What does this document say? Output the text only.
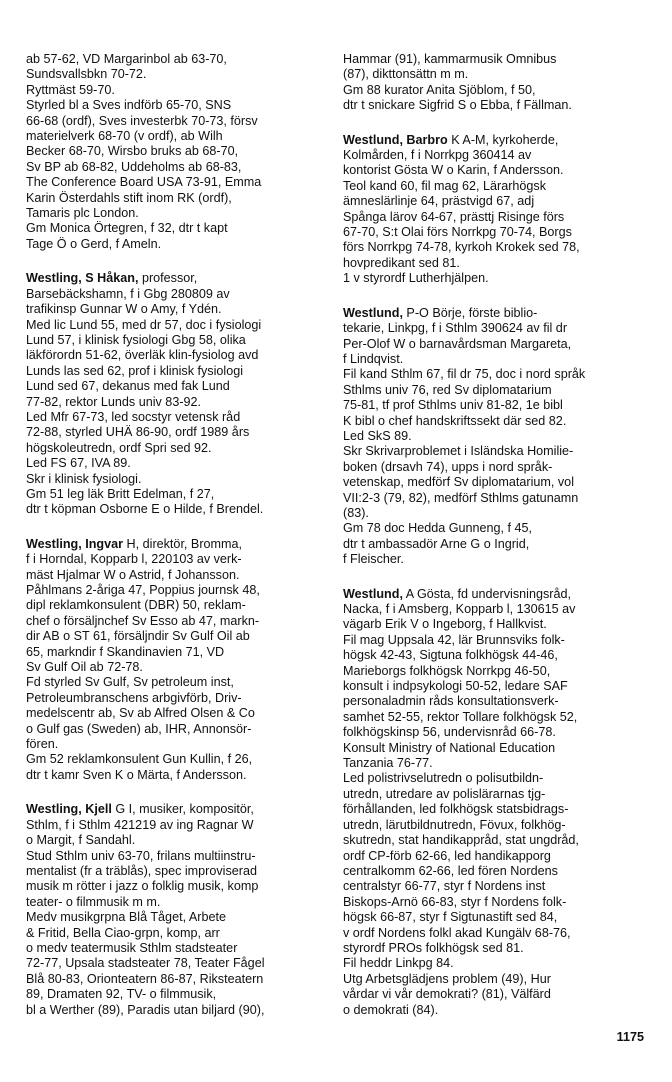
ab 57-62, VD Margarinbol ab 63-70,
Sundsvallsbkn 70-72.
Ryttmäst 59-70.
Styrled bl a Sves indförb 65-70, SNS
66-68 (ordf), Sves investerbk 70-73, försv
materielverk 68-70 (v ordf), ab Wilh
Becker 68-70, Wirsbo bruks ab 68-70,
Sv BP ab 68-82, Uddeholms ab 68-83,
The Conference Board USA 73-91, Emma
Karin Österdahls stift inom RK (ordf),
Tamaris plc London.
Gm Monica Örtegren, f 32, dtr t kapt
Tage Ö o Gerd, f Ameln.
Westling, S Håkan, professor,
Barsebäckshamn, f i Gbg 280809 av
trafikinsp Gunnar W o Amy, f Ydén.
Med lic Lund 55, med dr 57, doc i fysiologi
Lund 57, i klinisk fysiologi Gbg 58, olika
läkförordn 51-62, överläk klin-fysiolog avd
Lunds las sed 62, prof i klinisk fysiologi
Lund sed 67, dekanus med fak Lund
77-82, rektor Lunds univ 83-92.
Led Mfr 67-73, led socstyr vetensk råd
72-88, styrled UHÄ 86-90, ordf 1989 års
högskoleutredn, ordf Spri sed 92.
Led FS 67, IVA 89.
Skr i klinisk fysiologi.
Gm 51 leg läk Britt Edelman, f 27,
dtr t köpman Osborne E o Hilde, f Brendel.
Westling, Ingvar H, direktör, Bromma,
f i Horndal, Kopparb l, 220103 av verk-
mäst Hjalmar W o Astrid, f Johansson.
Påhlmans 2-åriga 47, Poppius journsk 48,
dipl reklamkonsulent (DBR) 50, reklam-
chef o försäljnchef Sv Esso ab 47, markn-
dir AB o ST 61, försäljndir Sv Gulf Oil ab
65, markndir f Skandinavien 71, VD
Sv Gulf Oil ab 72-78.
Fd styrled Sv Gulf, Sv petroleum inst,
Petroleumbranschens arbgivförb, Driv-
medelscentr ab, Sv ab Alfred Olsen & Co
o Gulf gas (Sweden) ab, IHR, Annonsör-
fören.
Gm 52 reklamkonsulent Gun Kullin, f 26,
dtr t kamr Sven K o Märta, f Andersson.
Westling, Kjell G I, musiker, kompositör,
Sthlm, f i Sthlm 421219 av ing Ragnar W
o Margit, f Sandahl.
Stud Sthlm univ 63-70, frilans multiinstru-
mentalist (fr a träblås), spec improviserad
musik m rötter i jazz o folklig musik, komp
teater- o filmmusik m m.
Medv musikgrpna Blå Tåget, Arbete
& Fritid, Bella Ciao-grpn, komp, arr
o medv teatermusik Sthlm stadsteater
72-77, Upsala stadsteater 78, Teater Fågel
Blå 80-83, Orionteatern 86-87, Riksteatern
89, Dramaten 92, TV- o filmmusik,
bl a Werther (89), Paradis utan biljard (90),
Hammar (91), kammarmusik Omnibus
(87), dikttonsättn m m.
Gm 88 kurator Anita Sjöblom, f 50,
dtr t snickare Sigfrid S o Ebba, f Fällman.
Westlund, Barbro K A-M, kyrkoherde,
Kolmården, f i Norrkpg 360414 av
kontorist Gösta W o Karin, f Andersson.
Teol kand 60, fil mag 62, Lärarhögsk
ämneslärlinje 64, prästvigd 67, adj
Spånga lärov 64-67, prästtj Risinge förs
67-70, S:t Olai förs Norrkpg 70-74, Borgs
förs Norrkpg 74-78, kyrkoh Krokek sed 78,
hovpredikant sed 81.
1 v styrordf Lutherhjälpen.
Westlund, P-O Börje, förste biblio-
tekarie, Linkpg, f i Sthlm 390624 av fil dr
Per-Olof W o barnavårdsman Margareta,
f Lindqvist.
Fil kand Sthlm 67, fil dr 75, doc i nord språk
Sthlms univ 76, red Sv diplomatarium
75-81, tf prof Sthlms univ 81-82, 1e bibl
K bibl o chef handskriftssekt där sed 82.
Led SkS 89.
Skr Skrivarproblemet i Isländska Homilie-
boken (drsavh 74), upps i nord språk-
vetenskap, medförf Sv diplomatarium, vol
VII:2-3 (79, 82), medförf Sthlms gatunamn
(83).
Gm 78 doc Hedda Gunneng, f 45,
dtr t ambassadör Arne G o Ingrid,
f Fleischer.
Westlund, A Gösta, fd undervisningsråd,
Nacka, f i Amsberg, Kopparb l, 130615 av
vägarb Erik V o Ingeborg, f Hallkvist.
Fil mag Uppsala 42, lär Brunnsviks folk-
högsk 42-43, Sigtuna folkhögsk 44-46,
Marieborgs folkhögsk Norrkpg 46-50,
konsult i indpsykologi 50-52, ledare SAF
personaladmin råds konsultationsverk-
samhet 52-55, rektor Tollare folkhögsk 52,
folkhögskinsp 56, undervisnråd 66-78.
Konsult Ministry of National Education
Tanzania 76-77.
Led polistrivselutredn o polisutbildn-
utredn, utredare av polislärarnas tjg-
förhållanden, led folkhögsk statsbidrags-
utredn, lärutbildnutredn, Fövux, folkhög-
skutredn, stat handikappråd, stat ungdråd,
ordf CP-förb 62-66, led handikapporg
centralkomm 62-66, led fören Nordens
centralstyr 66-77, styr f Nordens inst
Biskops-Arnö 66-83, styr f Nordens folk-
högsk 66-87, styr f Sigtunastift sed 84,
v ordf Nordens folkl akad Kungälv 68-76,
styrordf PROs folkhögsk sed 81.
Fil heddr Linkpg 84.
Utg Arbetsglädjens problem (49), Hur
vårdar vi vår demokrati? (81), Välfärd
o demokrati (84).
1175
